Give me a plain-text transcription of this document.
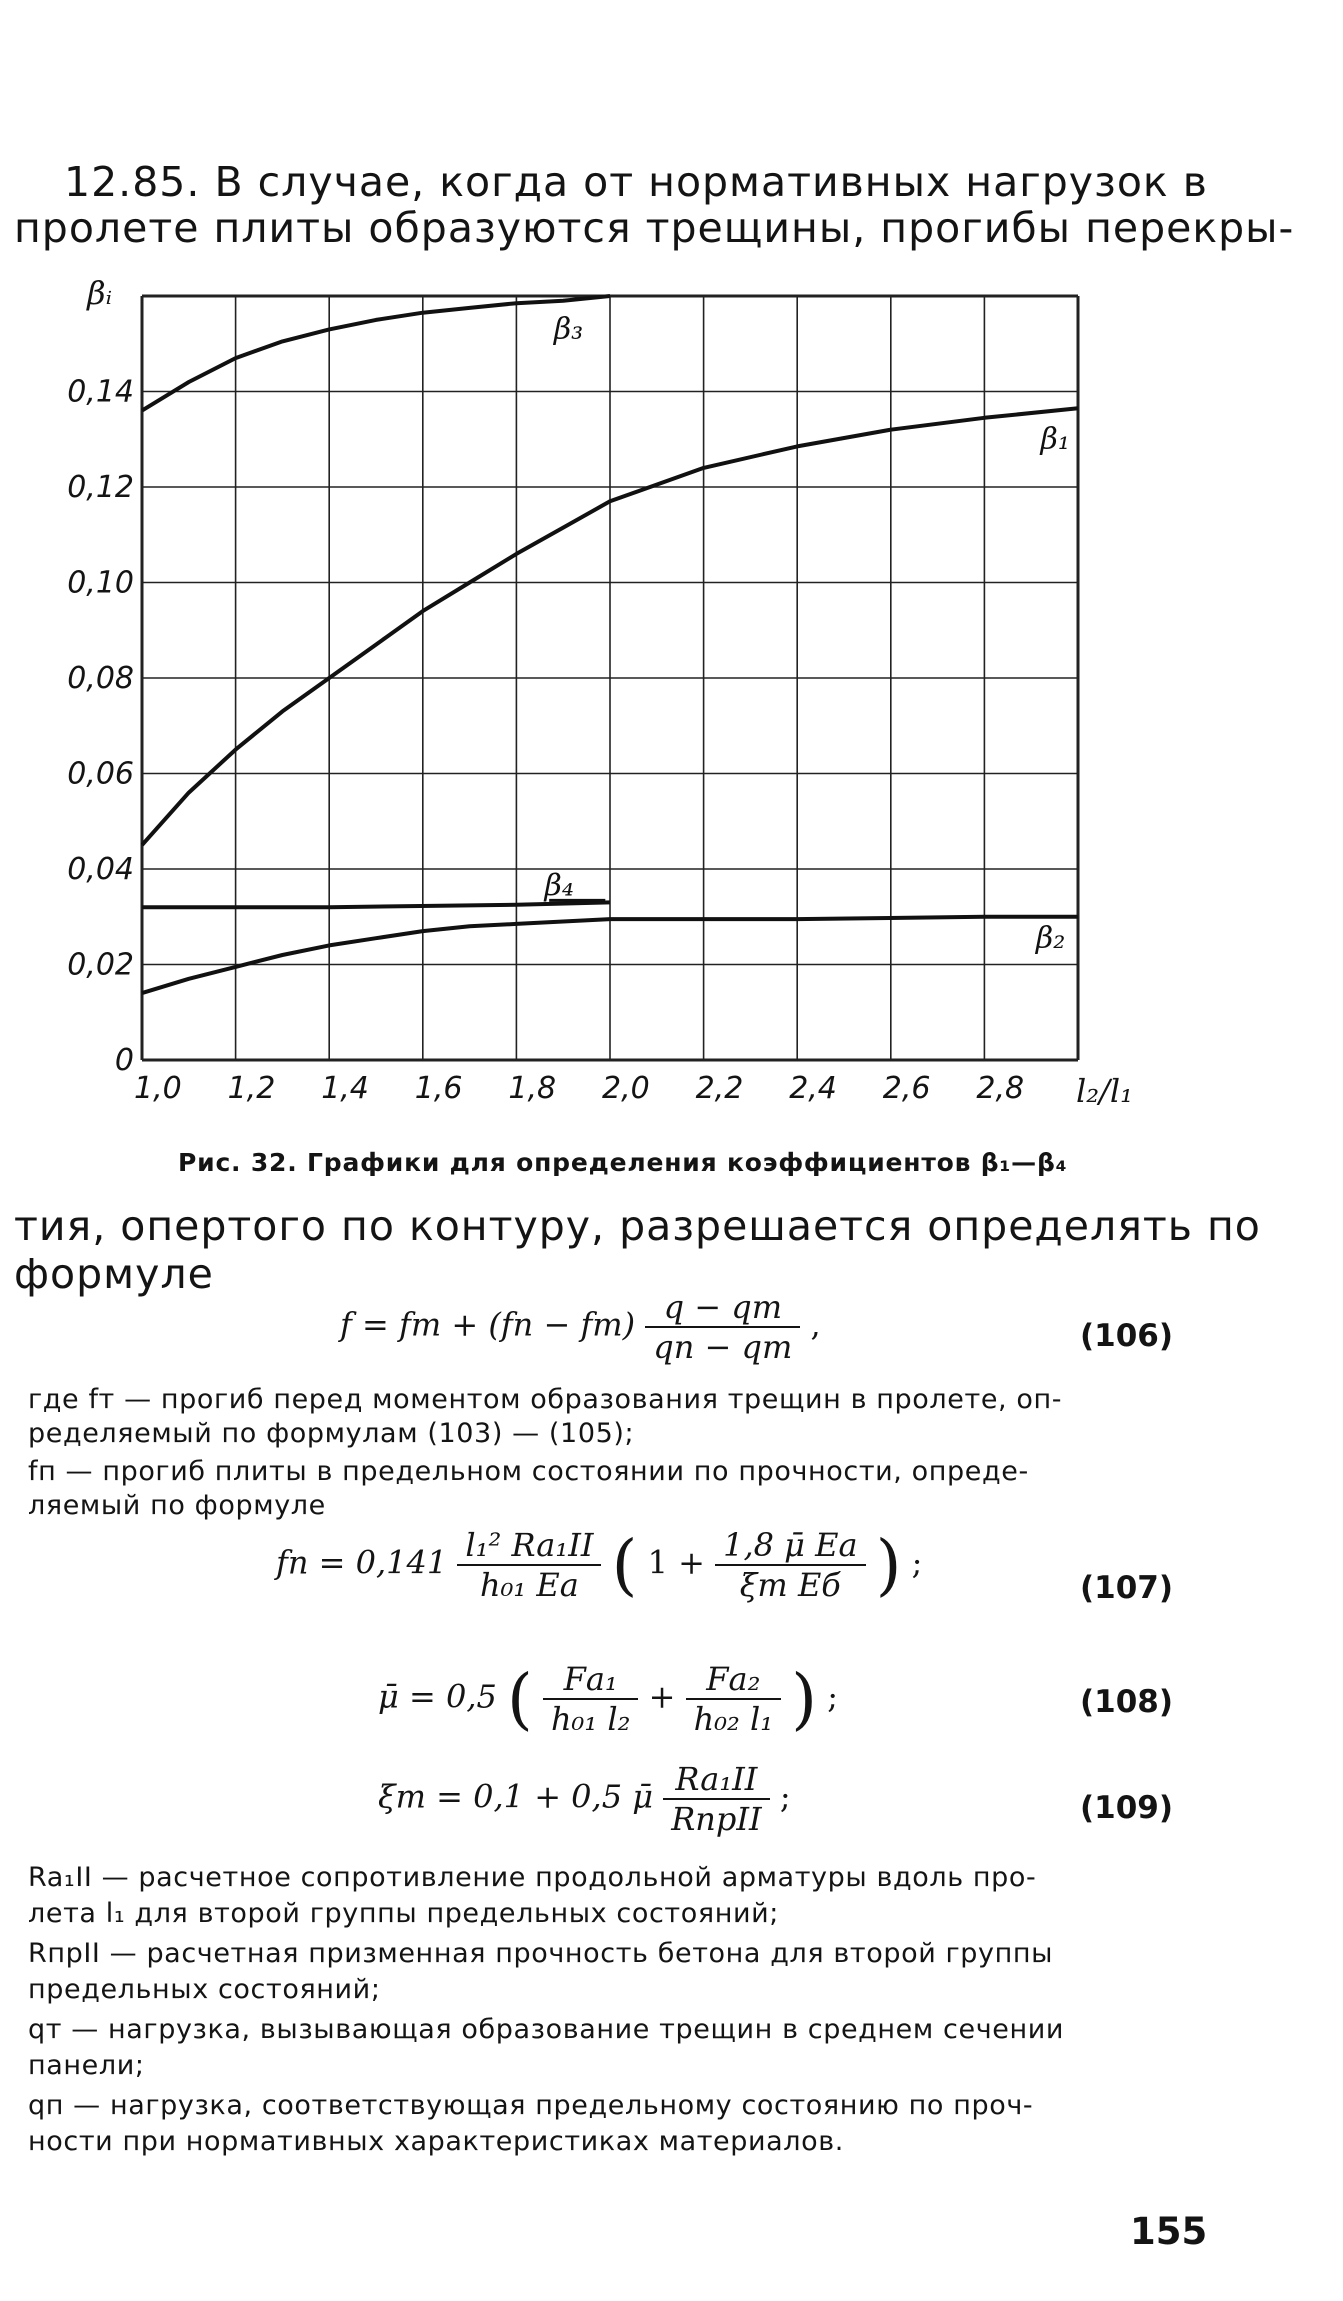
12.85. В случае, когда от нормативных нагрузок в
пролете плиты образуются трещины, прогибы перекры-
1,0 1,2 1,4 1,6 1,8 2,0 2,2 2,4 2,6 2,8
0
0,02
0,04
0,06
0,08
0,10
0,12
0,14
βᵢ
l₂/l₁
β₃
β₁
β₄
β₂
Рис. 32. Графики для определения коэффициентов β₁—β₄
тия, опертого по контуру, разрешается определять по
формуле
f = fт + $(fп - fт) \frac{q - qт}{qп - qт}$ ,	(106)
где fт — прогиб перед моментом образования трещин в пролете, оп-
ределяемый по формулам (103) — (105);
fп — прогиб плиты в предельном состоянии по прочности, опреде-
ляемый по формуле
fп = $0,141 \frac{\text{l₁² Ra₁II}}{\text{h₀₁ Eа}}$ ( $1 + \frac{1,8 \mū Eа}{\text{ξт Eб}}$ ) ;
(107)
μ̄ = 0,5 ( $\frac{\text{Fа₁}}{\text{h₀₁ l₂}} + \frac{\text{Fа₂}}{\text{h₀₂ l₁}}$ ) ;	(108)
ξт = 0,1 + 0,5 μ̄ $\frac{\text{Ra₁II}}{\text{RпрII}}$ ;	(109)
Ra₁II — расчетное сопротивление продольной арматуры вдоль про-
лета l₁ для второй группы предельных состояний;
RпрII — расчетная призменная прочность бетона для второй группы
предельных состояний;
qт — нагрузка, вызывающая образование трещин в среднем сечении
панели;
qп — нагрузка, соответствующая предельному состоянию по проч-
ности при нормативных характеристиках материалов.
155
